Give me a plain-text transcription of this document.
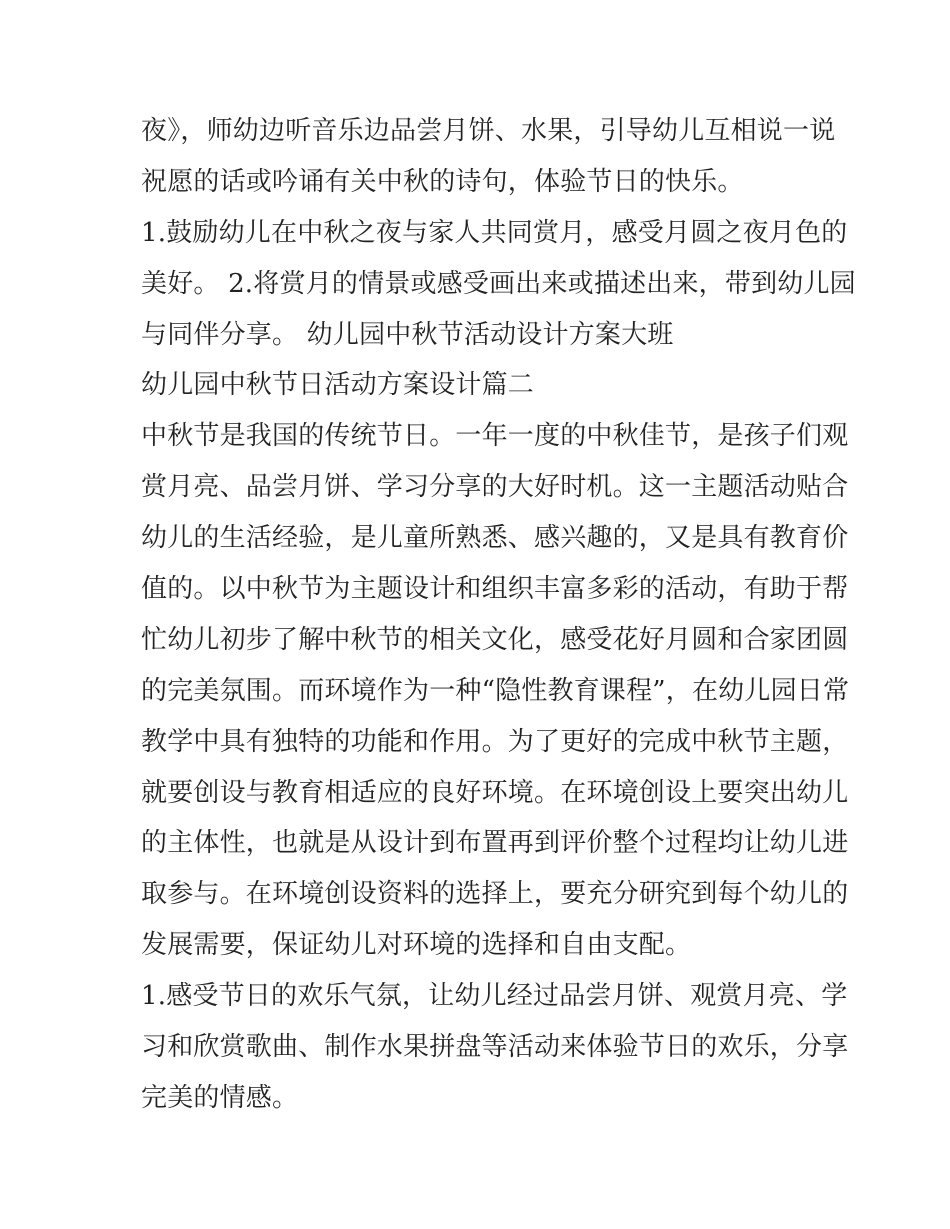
夜》，师幼边听音乐边品尝月饼、水果，引导幼儿互相说一说
祝愿的话或吟诵有关中秋的诗句，体验节日的快乐。
1.鼓励幼儿在中秋之夜与家人共同赏月，感受月圆之夜月色的
美好。 2.将赏月的情景或感受画出来或描述出来，带到幼儿园
与同伴分享。 幼儿园中秋节活动设计方案大班
幼儿园中秋节日活动方案设计篇二
中秋节是我国的传统节日。一年一度的中秋佳节，是孩子们观
赏月亮、品尝月饼、学习分享的大好时机。这一主题活动贴合
幼儿的生活经验，是儿童所熟悉、感兴趣的，又是具有教育价
值的。以中秋节为主题设计和组织丰富多彩的活动，有助于帮
忙幼儿初步了解中秋节的相关文化，感受花好月圆和合家团圆
的完美氛围。而环境作为一种“隐性教育课程”，在幼儿园日常
教学中具有独特的功能和作用。为了更好的完成中秋节主题，
就要创设与教育相适应的良好环境。在环境创设上要突出幼儿
的主体性，也就是从设计到布置再到评价整个过程均让幼儿进
取参与。在环境创设资料的选择上，要充分研究到每个幼儿的
发展需要，保证幼儿对环境的选择和自由支配。
1.感受节日的欢乐气氛，让幼儿经过品尝月饼、观赏月亮、学
习和欣赏歌曲、制作水果拼盘等活动来体验节日的欢乐，分享
完美的情感。
